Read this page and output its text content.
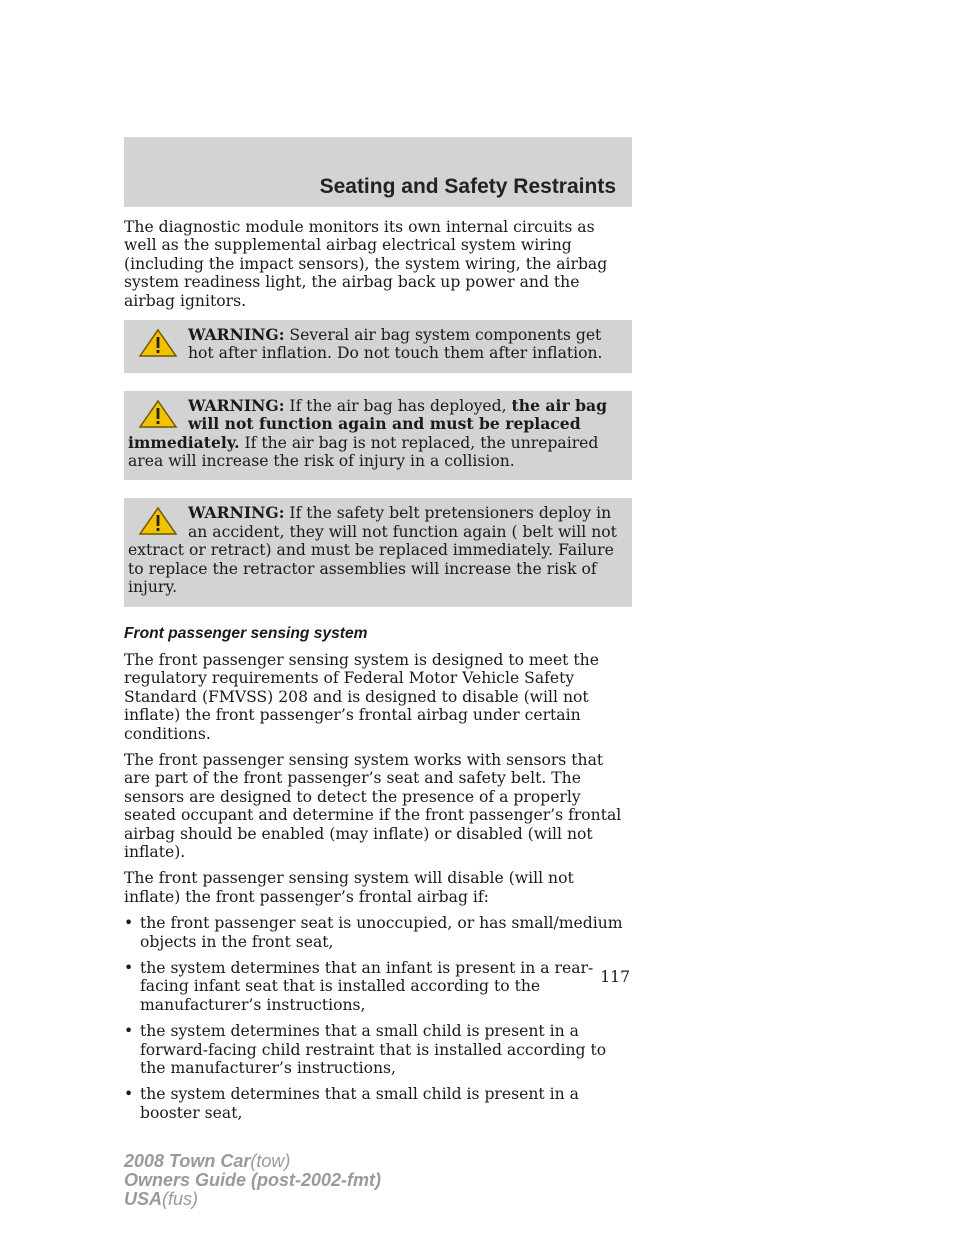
Seating and Safety Restraints

The diagnostic module monitors its own internal circuits as well as the supplemental airbag electrical system wiring (including the impact sensors), the system wiring, the airbag system readiness light, the airbag back up power and the airbag ignitors.

WARNING: Several air bag system components get hot after inflation. Do not touch them after inflation.
WARNING: If the air bag has deployed, the air bag will not function again and must be replaced immediately. If the air bag is not replaced, the unrepaired area will increase the risk of injury in a collision.
WARNING: If the safety belt pretensioners deploy in an accident, they will not function again ( belt will not extract or retract) and must be replaced immediately. Failure to replace the retractor assemblies will increase the risk of injury.
Front passenger sensing system

The front passenger sensing system is designed to meet the regulatory requirements of Federal Motor Vehicle Safety Standard (FMVSS) 208 and is designed to disable (will not inflate) the front passenger’s frontal airbag under certain conditions.

The front passenger sensing system works with sensors that are part of the front passenger’s seat and safety belt. The sensors are designed to detect the presence of a properly seated occupant and determine if the front passenger’s frontal airbag should be enabled (may inflate) or disabled (will not inflate).

The front passenger sensing system will disable (will not inflate) the front passenger’s frontal airbag if:

• the front passenger seat is unoccupied, or has small/medium objects in the front seat,
• the system determines that an infant is present in a rear-facing infant seat that is installed according to the manufacturer’s instructions,
• the system determines that a small child is present in a forward-facing child restraint that is installed according to the manufacturer’s instructions,
• the system determines that a small child is present in a booster seat,
117
2008 Town Car(tow)
Owners Guide (post-2002-fmt)
USA(fus)
